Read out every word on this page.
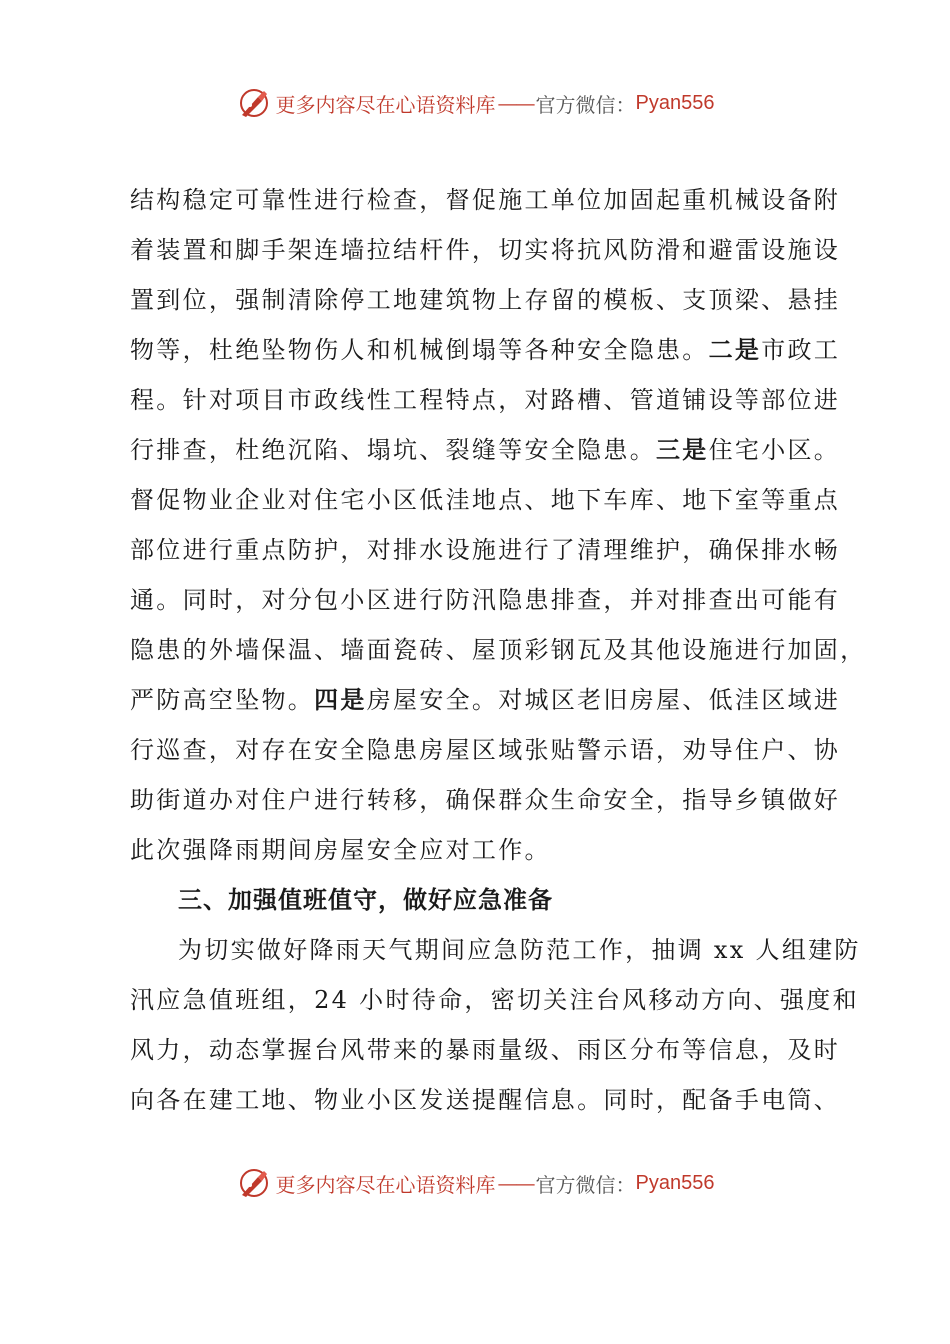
更多内容尽在心语资料库 —— 官方微信： Pyan556
结构稳定可靠性进行检查，督促施工单位加固起重机械设备附
着装置和脚手架连墙拉结杆件，切实将抗风防滑和避雷设施设
置到位，强制清除停工地建筑物上存留的模板、支顶梁、悬挂
物等，杜绝坠物伤人和机械倒塌等各种安全隐患。二是市政工
程。针对项目市政线性工程特点，对路槽、管道铺设等部位进
行排查，杜绝沉陷、塌坑、裂缝等安全隐患。三是住宅小区。
督促物业企业对住宅小区低洼地点、地下车库、地下室等重点
部位进行重点防护，对排水设施进行了清理维护，确保排水畅
通。同时，对分包小区进行防汛隐患排查，并对排查出可能有
隐患的外墙保温、墙面瓷砖、屋顶彩钢瓦及其他设施进行加固，
严防高空坠物。四是房屋安全。对城区老旧房屋、低洼区域进
行巡查，对存在安全隐患房屋区域张贴警示语，劝导住户、协
助街道办对住户进行转移，确保群众生命安全，指导乡镇做好
此次强降雨期间房屋安全应对工作。
三、加强值班值守，做好应急准备
为切实做好降雨天气期间应急防范工作，抽调 xx 人组建防
汛应急值班组，24 小时待命，密切关注台风移动方向、强度和
风力，动态掌握台风带来的暴雨量级、雨区分布等信息，及时
向各在建工地、物业小区发送提醒信息。同时，配备手电筒、
更多内容尽在心语资料库 —— 官方微信： Pyan556
